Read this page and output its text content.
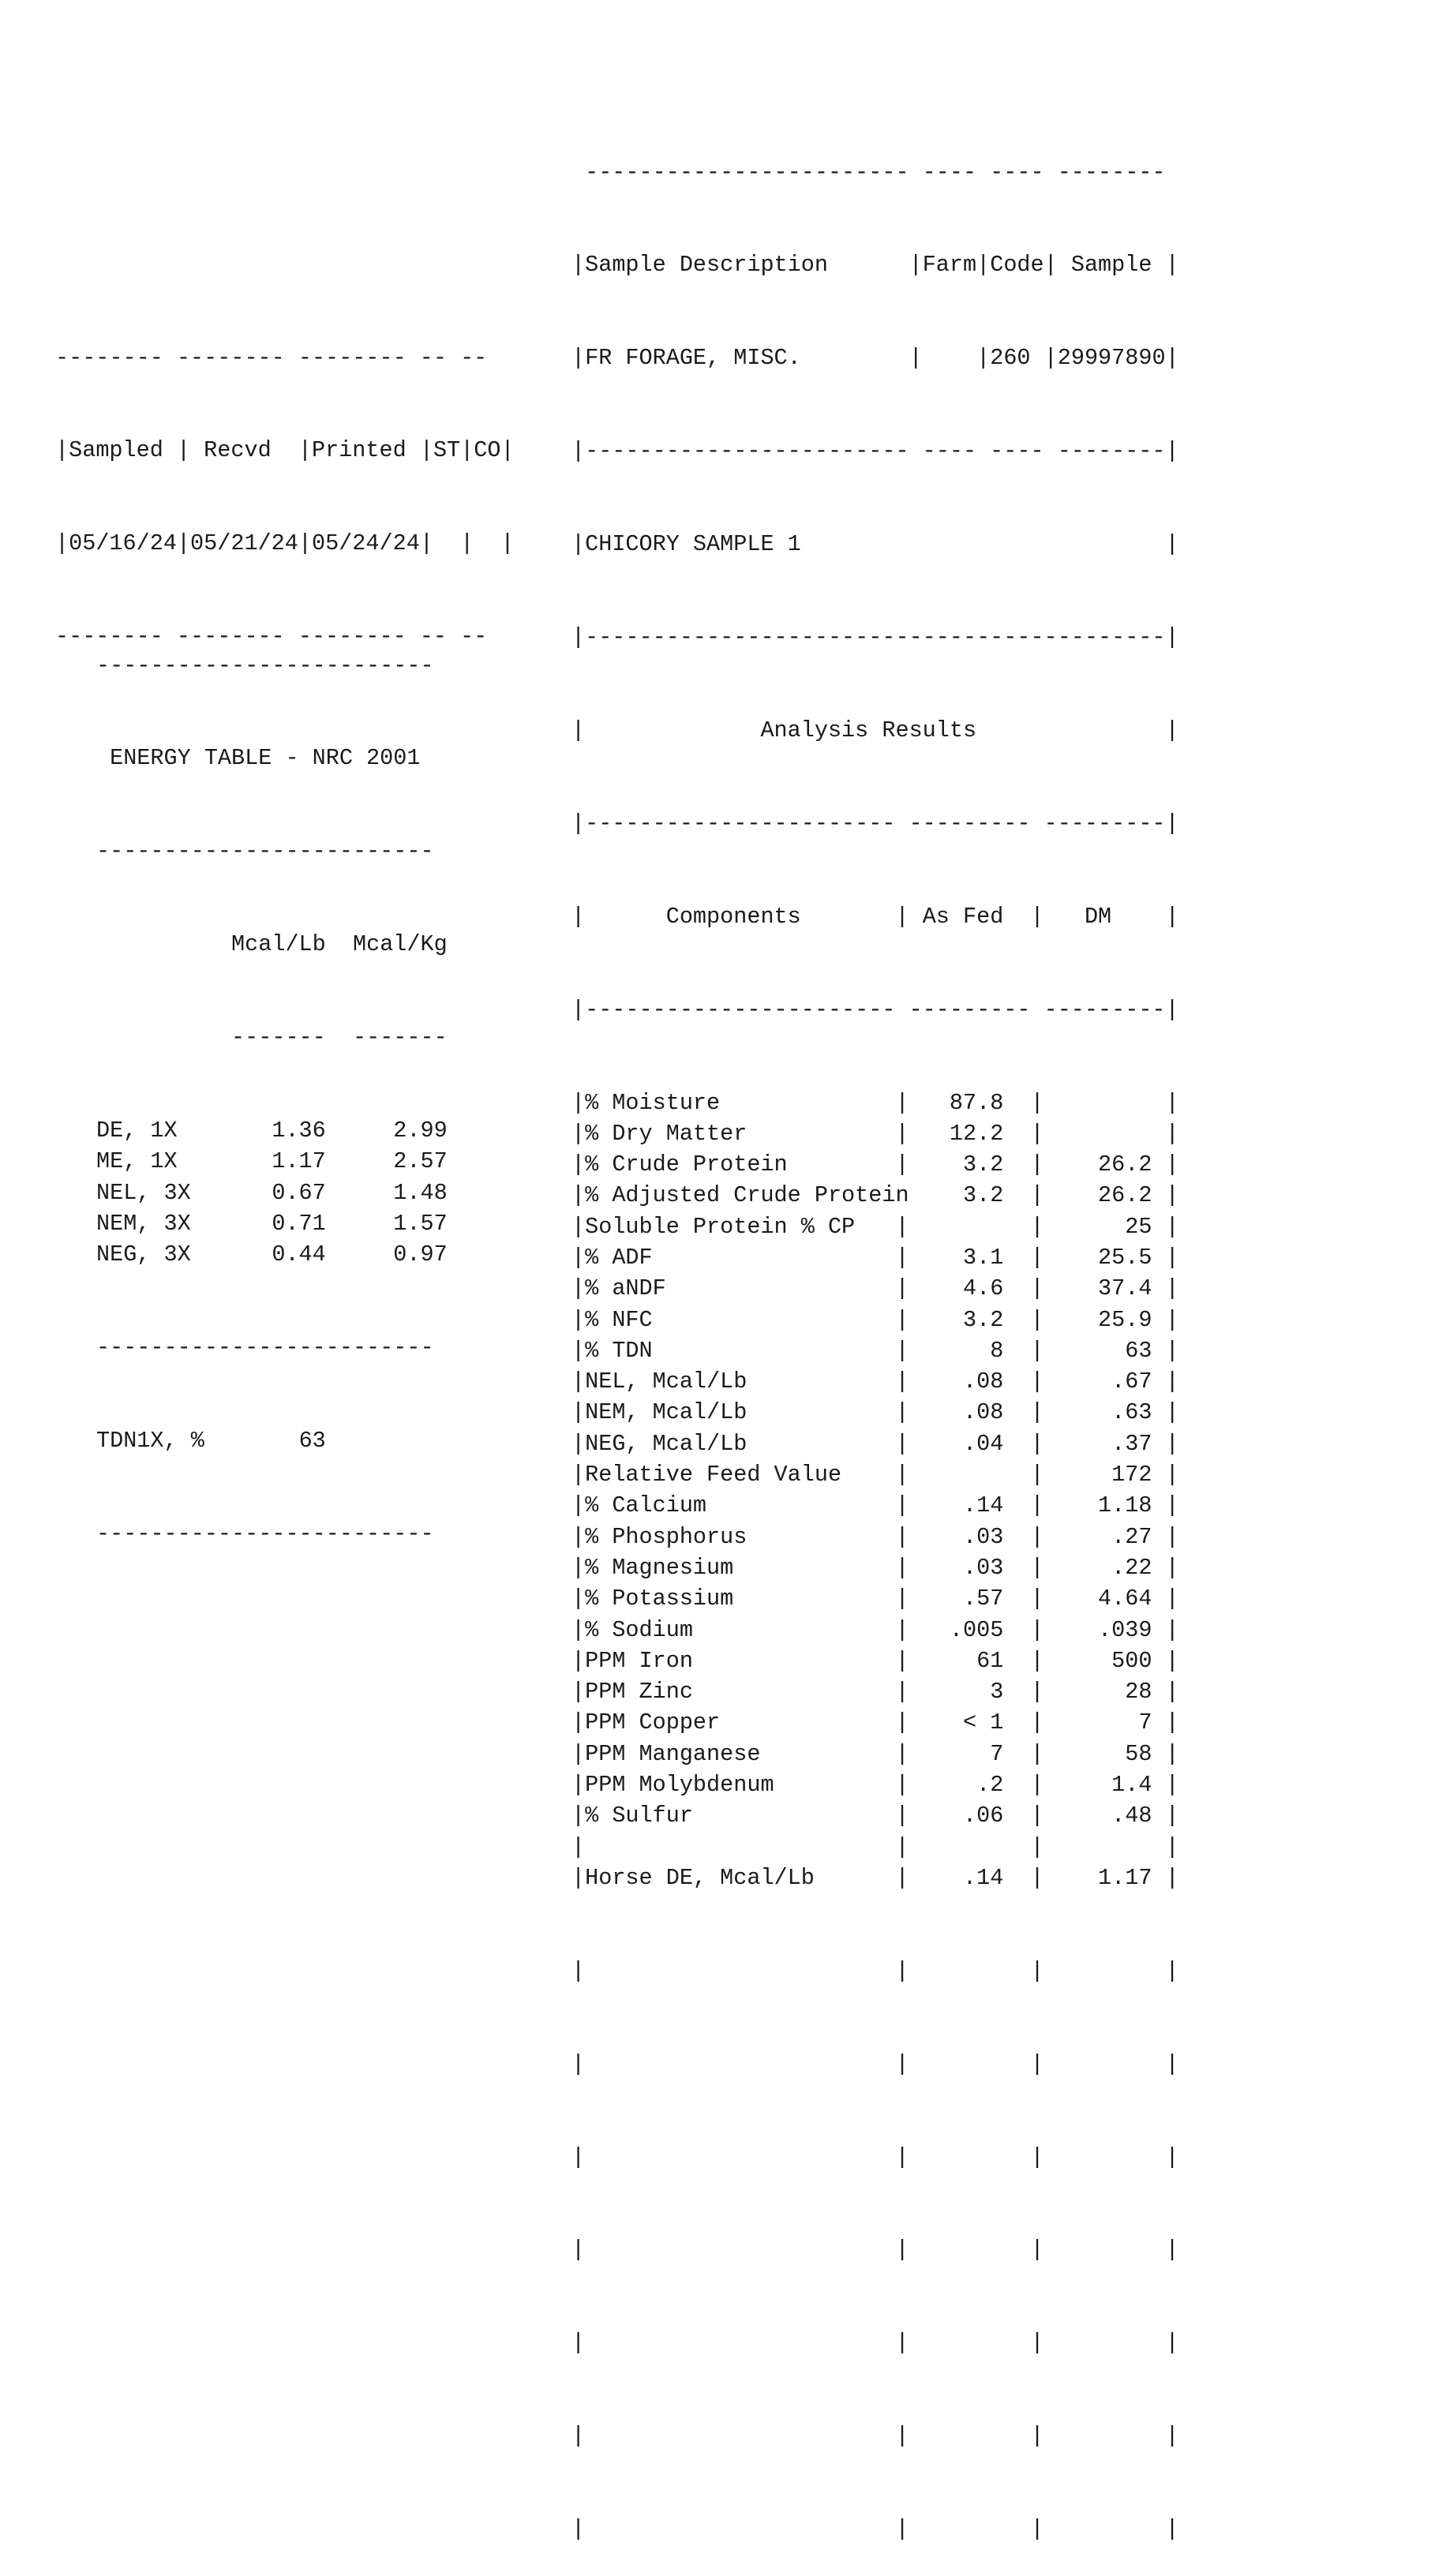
-------- -------- -------- -- --

|Sampled | Recvd  |Printed |ST|CO|

|05/16/24|05/21/24|05/24/24|  |  |

-------- -------- -------- -- --

-------------------------

ENERGY TABLE - NRC 2001

-------------------------

Mcal/Lb Mcal/Kg

------- -------

DE, 1X       1.36     2.99
ME, 1X       1.17     2.57
NEL, 3X      0.67     1.48
NEM, 3X      0.71     1.57
NEG, 3X      0.44     0.97

-------------------------

TDN1X, %	63

-------------------------

------------------------ ---- ---- --------

|Sample Description      |Farm|Code| Sample |

|FR FORAGE, MISC.        | |260 |29997890|

|------------------------ ---- ---- --------|

|CHICORY SAMPLE 1                           |

|-------------------------------------------|

|             Analysis Results              |

|----------------------- --------- ---------|

|      Components       | As Fed  |   DM    |

|----------------------- --------- ---------|

|% Moisture             |   87.8  |	|
|% Dry Matter           |   12.2  |	|
|% Crude Protein        |    3.2  |    26.2 |
|% Adjusted Crude Protein    3.2  |    26.2 |
|Soluble Protein % CP   |	|      25 |
|% ADF                  |    3.1  |    25.5 |
|% aNDF                 |    4.6  |    37.4 |
|% NFC                  |    3.2  |    25.9 |
|% TDN                  |      8  |      63 |
|NEL, Mcal/Lb           |    .08  |     .67 |
|NEM, Mcal/Lb           |    .08  |     .63 |
|NEG, Mcal/Lb           |    .04  |     .37 |
|Relative Feed Value    |	|     172 |
|% Calcium              |    .14  |    1.18 |
|% Phosphorus           |    .03  |     .27 |
|% Magnesium            |    .03  |     .22 |
|% Potassium            |    .57  |    4.64 |
|% Sodium               |   .005  |    .039 |
|PPM Iron               |     61  |     500 |
|PPM Zinc               |      3  |      28 |
|PPM Copper             |    < 1  |       7 |
|PPM Manganese          |      7  |      58 |
|PPM Molybdenum         |     .2  |     1.4 |
|% Sulfur               |    .06  |     .48 |
|	|	|	|
|Horse DE, Mcal/Lb      |    .14  |    1.17 |

|                       |         |         |

|                       |         |         |

|                       |         |         |

|                       |         |         |

|                       |         |         |

|                       |         |         |

|                       |         |         |
